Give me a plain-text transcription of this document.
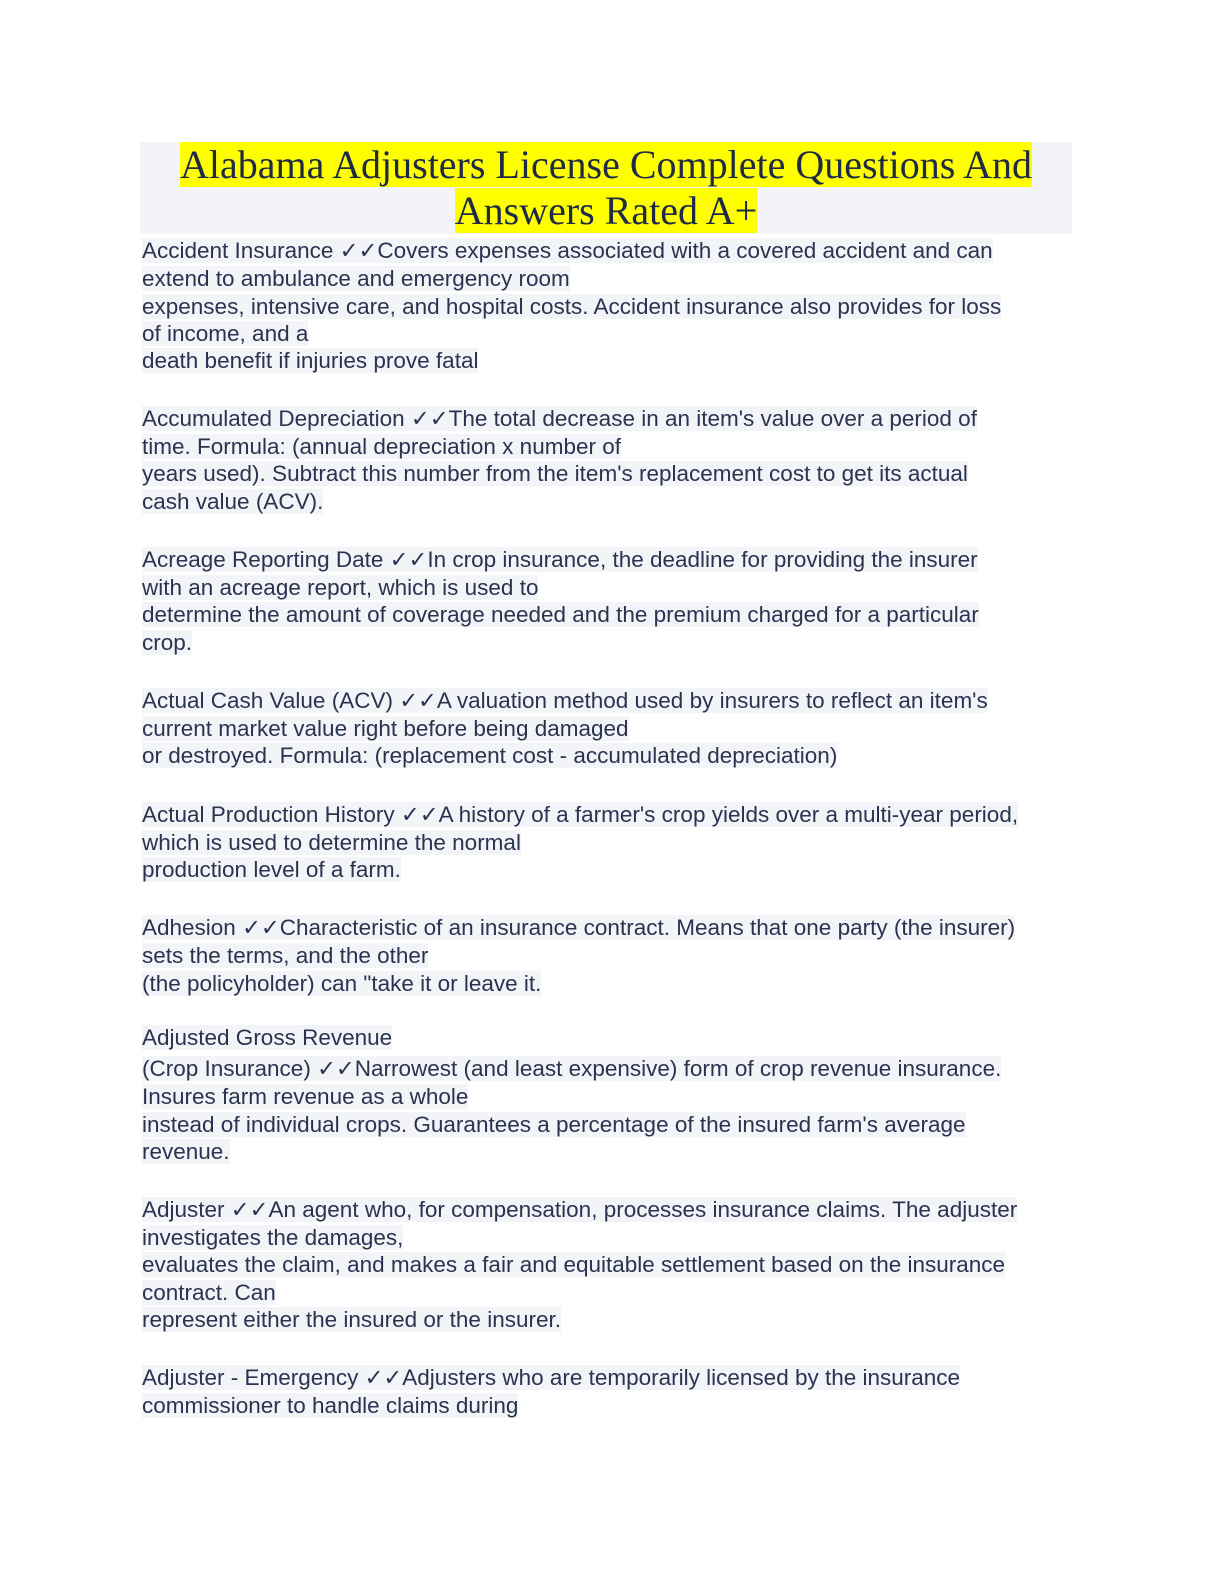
Alabama Adjusters License Complete Questions And
Answers Rated A+
Accident Insurance ✓✓Covers expenses associated with a covered accident and can
extend to ambulance and emergency room
expenses, intensive care, and hospital costs. Accident insurance also provides for loss
of income, and a
death benefit if injuries prove fatal
Accumulated Depreciation ✓✓The total decrease in an item's value over a period of
time. Formula: (annual depreciation x number of
years used). Subtract this number from the item's replacement cost to get its actual
cash value (ACV).
Acreage Reporting Date ✓✓In crop insurance, the deadline for providing the insurer
with an acreage report, which is used to
determine the amount of coverage needed and the premium charged for a particular
crop.
Actual Cash Value (ACV) ✓✓A valuation method used by insurers to reflect an item's
current market value right before being damaged
or destroyed. Formula: (replacement cost - accumulated depreciation)
Actual Production History ✓✓A history of a farmer's crop yields over a multi-year period,
which is used to determine the normal
production level of a farm.
Adhesion ✓✓Characteristic of an insurance contract. Means that one party (the insurer)
sets the terms, and the other
(the policyholder) can "take it or leave it.
Adjusted Gross Revenue
(Crop Insurance) ✓✓Narrowest (and least expensive) form of crop revenue insurance.
Insures farm revenue as a whole
instead of individual crops. Guarantees a percentage of the insured farm's average
revenue.
Adjuster ✓✓An agent who, for compensation, processes insurance claims. The adjuster
investigates the damages,
evaluates the claim, and makes a fair and equitable settlement based on the insurance
contract. Can
represent either the insured or the insurer.
Adjuster - Emergency ✓✓Adjusters who are temporarily licensed by the insurance
commissioner to handle claims during
